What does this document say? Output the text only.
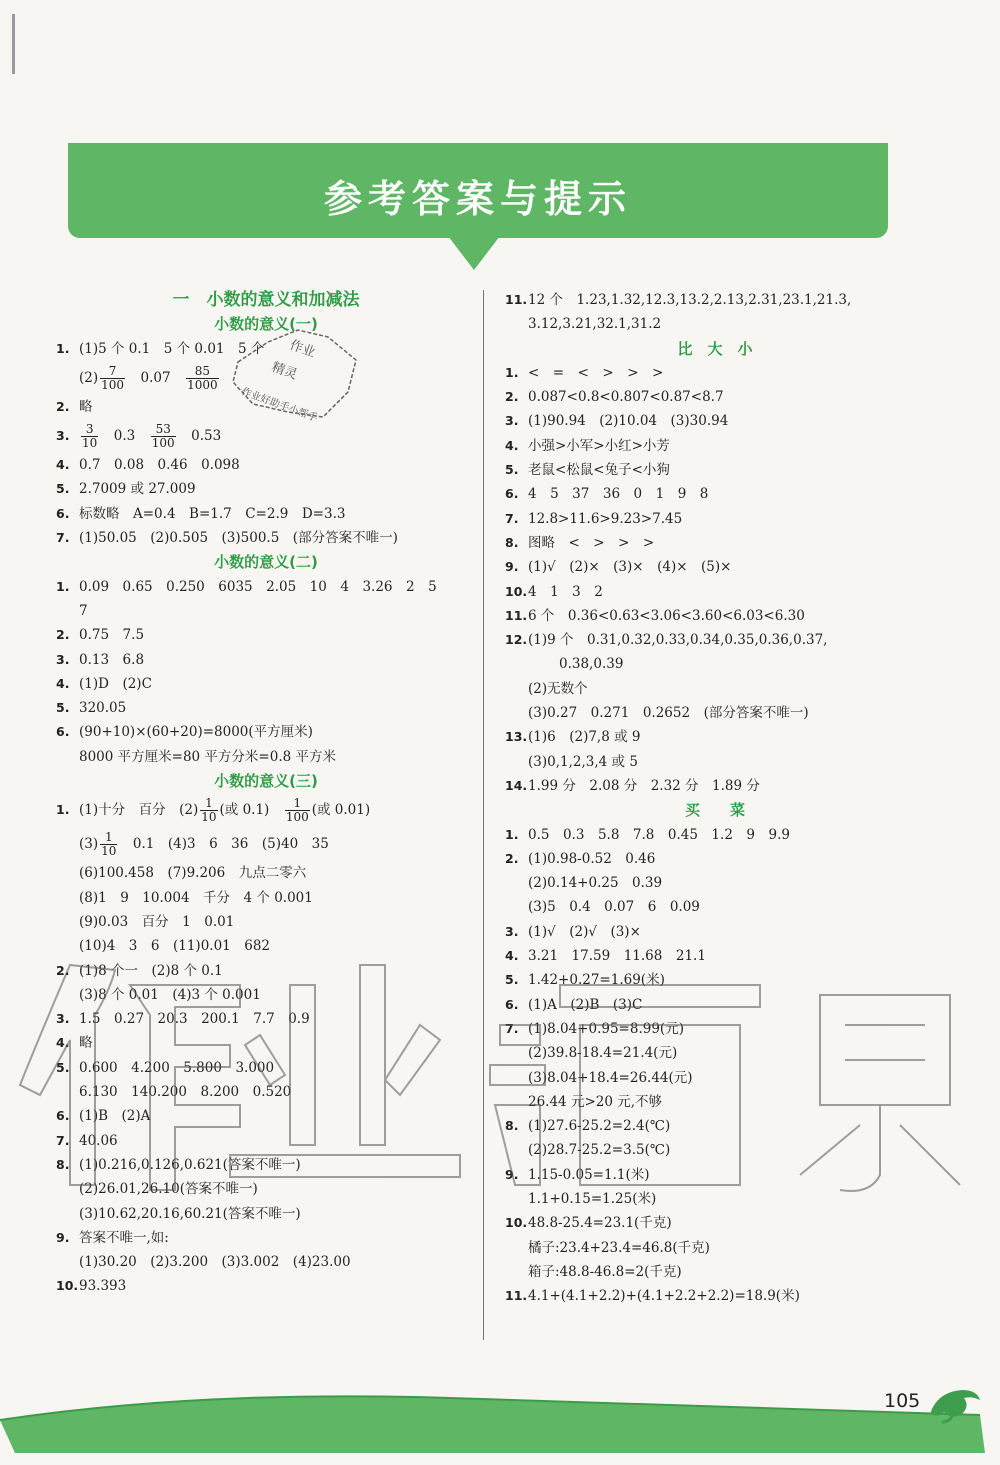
参考答案与提示
一　小数的意义和加减法
小数的意义(一)
1. (1)5 个 0.1　5 个 0.01　5 个
$(2) \frac{7}{100}$
　 0.07　 $\frac{85}{1000}$
2. 略
3. $\frac{3}{10}$
　 0.3　 $\frac{53}{100}$
　 0.53
4. 0.7　0.08　0.46　0.098
5. 2.7009 或 27.009
6. 标数略　A=0.4　B=1.7　C=2.9　D=3.3
7. (1)50.05　(2)0.505　(3)500.5　(部分答案不唯一)
小数的意义(二)
1. 0.09　0.65　0.250　6035　2.05　10　4　3.26　2　5
7
2. 0.75　7.5
3. 0.13　6.8
4. (1)D　(2)C
5. 320.05
6. (90+10)×(60+20)=8000(平方厘米)
8000 平方厘米=80 平方分米=0.8 平方米
小数的意义(三)
1. (1)十分　百分　$(2) \frac{1}{10}$ (或 0.1)　 $\frac{1}{100}$ (或 0.01)
$(3) \frac{1}{10}$
　 0.1　(4)3　6　36　(5)40　35
(6)100.458　(7)9.206　九点二零六
(8)1　9　10.004　千分　4 个 0.001
(9)0.03　百分　1　0.01
(10)4　3　6　(11)0.01　682
2. (1)8 个一　(2)8 个 0.1
(3)8 个 0.01　(4)3 个 0.001
3. 1.5　0.27　20.3　200.1　7.7　0.9
4. 略
5. 0.600　4.200　5.800　3.000
6.130　140.200　8.200　0.520
6. (1)B　(2)A
7. 40.06
8. (1)0.216,0.126,0.621(答案不唯一)
(2)26.01,26.10(答案不唯一)
(3)10.62,20.16,60.21(答案不唯一)
9. 答案不唯一,如:
(1)30.20　(2)3.200　(3)3.002　(4)23.00
10.93.393
11.12 个　1.23,1.32,12.3,13.2,2.13,2.31,23.1,21.3,
3.12,3.21,32.1,31.2
比　大　小
1. <　=　<　>　>　>
2. 0.087<0.8<0.807<0.87<8.7
3. (1)90.94　(2)10.04　(3)30.94
4. 小强>小军>小红>小芳
5. 老鼠<松鼠<兔子<小狗
6. 4　5　37　36　0　1　9　8
7. 12.8>11.6>9.23>7.45
8. 图略　<　>　>　>
9. (1)√　(2)×　(3)×　(4)×　(5)×
10.4　1　3　2
11.6 个　0.36<0.63<3.06<3.60<6.03<6.30
12.(1)9 个　0.31,0.32,0.33,0.34,0.35,0.36,0.37,
0.38,0.39
(2)无数个
(3)0.27　0.271　0.2652　(部分答案不唯一)
13.(1)6　(2)7,8 或 9
(3)0,1,2,3,4 或 5
14.1.99 分　2.08 分　2.32 分　1.89 分
买　　菜
1. 0.5　0.3　5.8　7.8　0.45　1.2　9　9.9
2. (1)0.98-0.52　0.46
(2)0.14+0.25　0.39
(3)5　0.4　0.07　6　0.09
3. (1)√　(2)√　(3)×
4. 3.21　17.59　11.68　21.1
5. 1.42+0.27=1.69(米)
6. (1)A　(2)B　(3)C
7. (1)8.04+0.95=8.99(元)
(2)39.8-18.4=21.4(元)
(3)8.04+18.4=26.44(元)
26.44 元>20 元,不够
8. (1)27.6-25.2=2.4(℃)
(2)28.7-25.2=3.5(℃)
9. 1.15-0.05=1.1(米)
1.1+0.15=1.25(米)
10.48.8-25.4=23.1(千克)
橘子:23.4+23.4=46.8(千克)
箱子:48.8-46.8=2(千克)
11.4.1+(4.1+2.2)+(4.1+2.2+2.2)=18.9(米)
作业
精灵
作业好助手小帮手
105
